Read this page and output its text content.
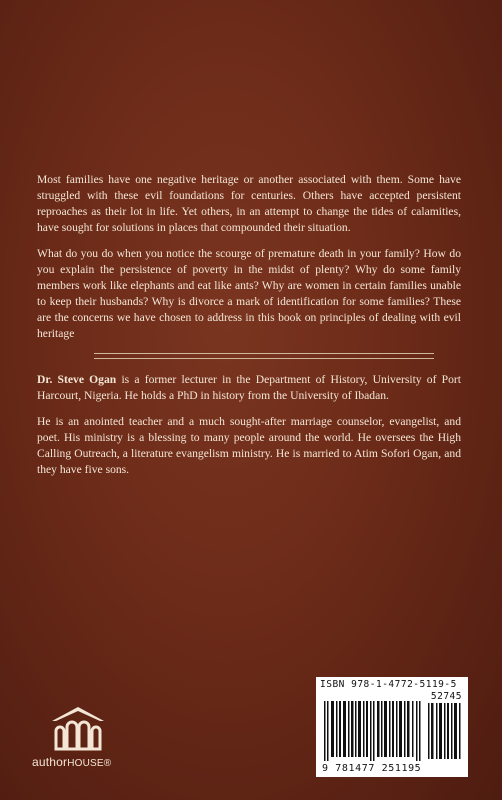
Most families have one negative heritage or another associated with them. Some have struggled with these evil foundations for centuries. Others have accepted persistent reproaches as their lot in life. Yet others, in an attempt to change the tides of calamities, have sought for solutions in places that compounded their situation.

What do you do when you notice the scourge of premature death in your family? How do you explain the persistence of poverty in the midst of plenty? Why do some family members work like elephants and eat like ants? Why are women in certain families unable to keep their husbands? Why is divorce a mark of identification for some families? These are the concerns we have chosen to address in this book on principles of dealing with evil heritage

Dr. Steve Ogan is a former lecturer in the Department of History, University of Port Harcourt, Nigeria. He holds a PhD in history from the University of Ibadan.

He is an anointed teacher and a much sought-after marriage counselor, evangelist, and poet. His ministry is a blessing to many people around the world. He oversees the High Calling Outreach, a literature evangelism ministry. He is married to Atim Sofori Ogan, and they have five sons.

authorHOUSE®
ISBN 978-1-4772-5119-5
52745
9 781477 251195
